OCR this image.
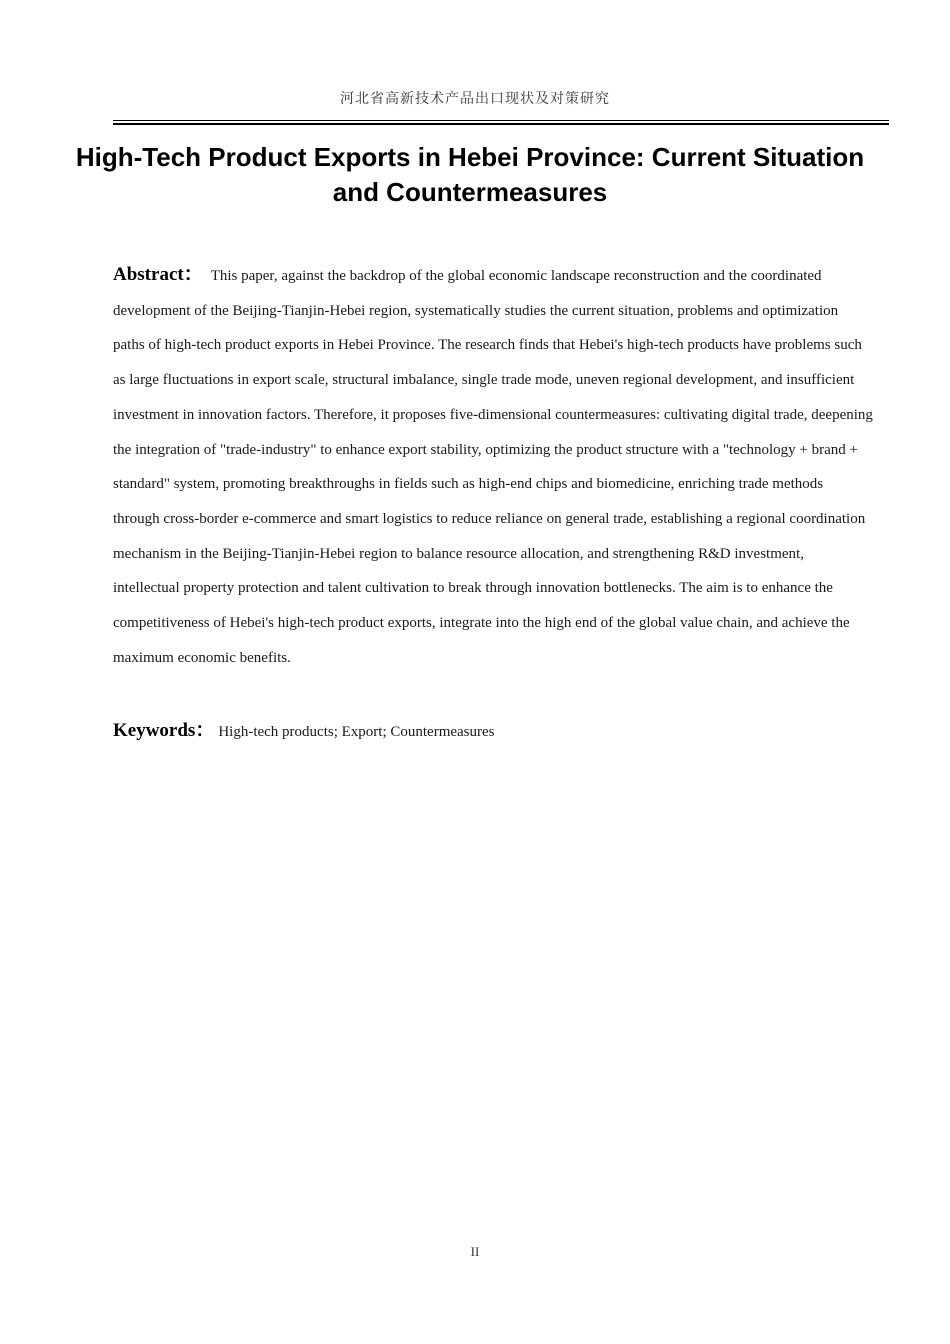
河北省高新技术产品出口现状及对策研究
High-Tech Product Exports in Hebei Province: Current Situation and Countermeasures

Abstract： This paper, against the backdrop of the global economic landscape reconstruction and the coordinated development of the Beijing-Tianjin-Hebei region, systematically studies the current situation, problems and optimization paths of high-tech product exports in Hebei Province. The research finds that Hebei's high-tech products have problems such as large fluctuations in export scale, structural imbalance, single trade mode, uneven regional development, and insufficient investment in innovation factors. Therefore, it proposes five-dimensional countermeasures: cultivating digital trade, deepening the integration of "trade-industry" to enhance export stability, optimizing the product structure with a "technology + brand + standard" system, promoting breakthroughs in fields such as high-end chips and biomedicine, enriching trade methods through cross-border e-commerce and smart logistics to reduce reliance on general trade, establishing a regional coordination mechanism in the Beijing-Tianjin-Hebei region to balance resource allocation, and strengthening R&D investment, intellectual property protection and talent cultivation to break through innovation bottlenecks. The aim is to enhance the competitiveness of Hebei's high-tech product exports, integrate into the high end of the global value chain, and achieve the maximum economic benefits.

Keywords： High-tech products; Export; Countermeasures

II
